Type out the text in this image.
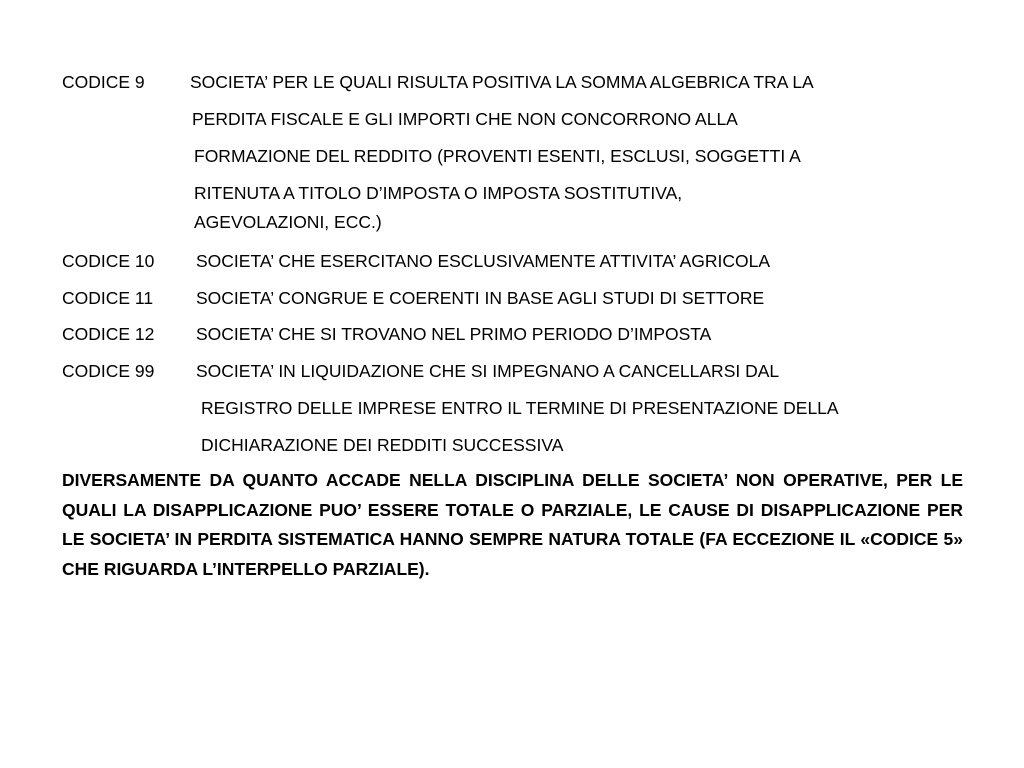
CODICE 9	SOCIETA’ PER LE QUALI RISULTA POSITIVA LA SOMMA ALGEBRICA TRA LA
PERDITA FISCALE E GLI IMPORTI CHE NON CONCORRONO ALLA
FORMAZIONE DEL REDDITO (PROVENTI ESENTI, ESCLUSI, SOGGETTI A
RITENUTA A TITOLO D’IMPOSTA O IMPOSTA SOSTITUTIVA,
AGEVOLAZIONI, ECC.)
CODICE 10 SOCIETA’ CHE ESERCITANO ESCLUSIVAMENTE ATTIVITA’ AGRICOLA
CODICE 11 SOCIETA’ CONGRUE E COERENTI IN BASE AGLI STUDI DI SETTORE
CODICE 12 SOCIETA’ CHE SI TROVANO NEL PRIMO PERIODO D’IMPOSTA
CODICE 99 SOCIETA’ IN LIQUIDAZIONE CHE SI IMPEGNANO A CANCELLARSI DAL
REGISTRO DELLE IMPRESE ENTRO IL TERMINE DI PRESENTAZIONE DELLA
DICHIARAZIONE DEI REDDITI SUCCESSIVA
DIVERSAMENTE DA QUANTO ACCADE NELLA DISCIPLINA DELLE SOCIETA’ NON OPERATIVE, PER LE QUALI LA DISAPPLICAZIONE PUO’ ESSERE TOTALE O PARZIALE, LE CAUSE DI DISAPPLICAZIONE PER LE SOCIETA’ IN PERDITA SISTEMATICA HANNO SEMPRE NATURA TOTALE (FA ECCEZIONE IL «CODICE 5» CHE RIGUARDA L’INTERPELLO PARZIALE).
